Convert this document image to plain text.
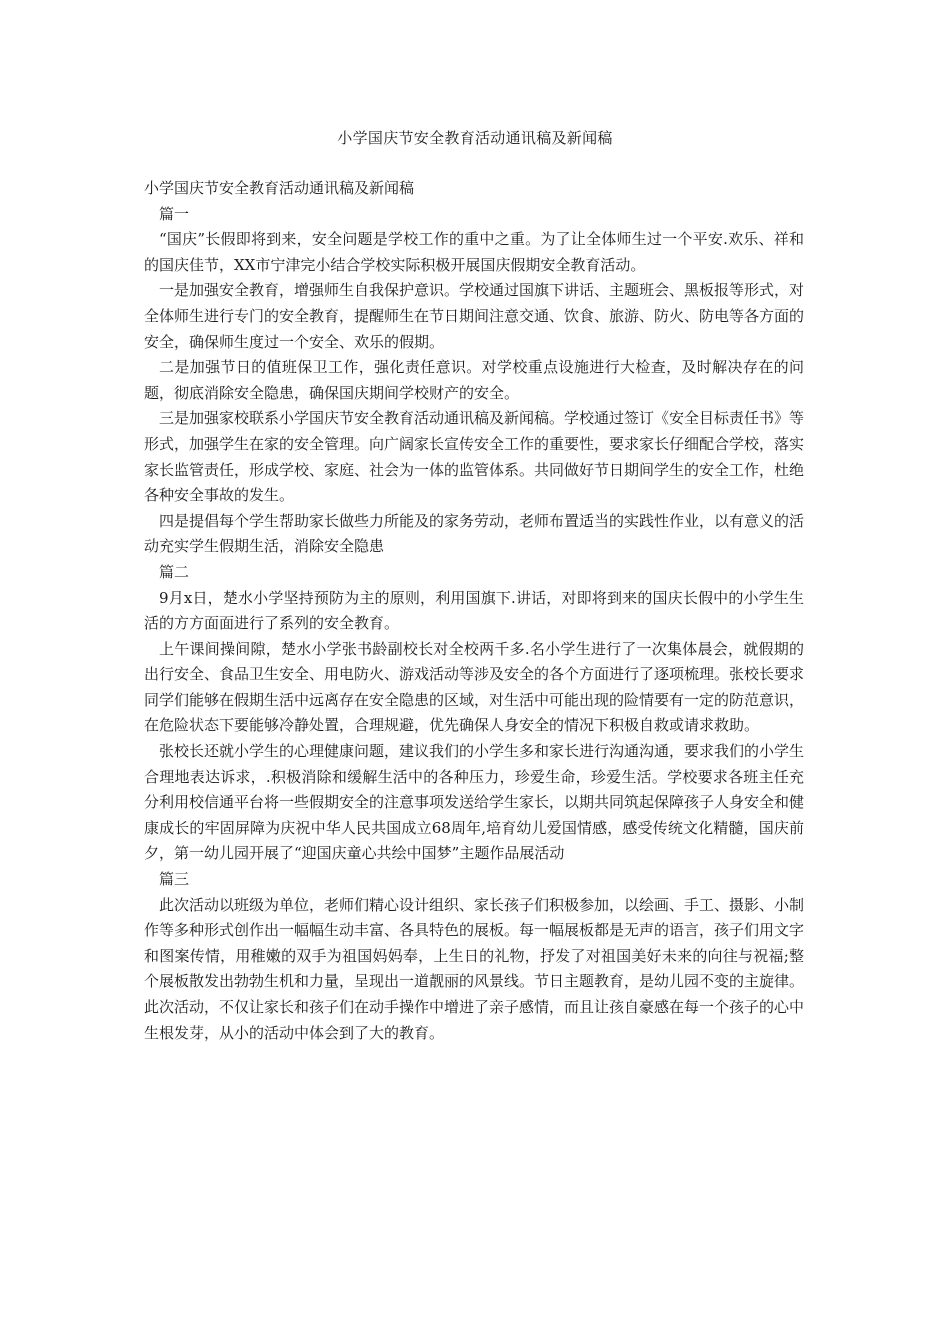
小学国庆节安全教育活动通讯稿及新闻稿

小学国庆节安全教育活动通讯稿及新闻稿

篇一

“国庆”长假即将到来，安全问题是学校工作的重中之重。为了让全体师生过一个平安.欢乐、祥和的国庆佳节，XX市宁津完小结合学校实际积极开展国庆假期安全教育活动。

一是加强安全教育，增强师生自我保护意识。学校通过国旗下讲话、主题班会、黑板报等形式，对全体师生进行专门的安全教育，提醒师生在节日期间注意交通、饮食、旅游、防火、防电等各方面的安全，确保师生度过一个安全、欢乐的假期。

二是加强节日的值班保卫工作，强化责任意识。对学校重点设施进行大检查，及时解决存在的问题，彻底消除安全隐患，确保国庆期间学校财产的安全。

三是加强家校联系小学国庆节安全教育活动通讯稿及新闻稿。学校通过签订《安全目标责任书》等形式，加强学生在家的安全管理。向广阔家长宣传安全工作的重要性，要求家长仔细配合学校，落实家长监管责任，形成学校、家庭、社会为一体的监管体系。共同做好节日期间学生的安全工作，杜绝各种安全事故的发生。

四是提倡每个学生帮助家长做些力所能及的家务劳动，老师布置适当的实践性作业，以有意义的活动充实学生假期生活，消除安全隐患

篇二

9月x日，楚水小学坚持预防为主的原则，利用国旗下.讲话，对即将到来的国庆长假中的小学生生活的方方面面进行了系列的安全教育。

上午课间操间隙，楚水小学张书龄副校长对全校两千多.名小学生进行了一次集体晨会，就假期的出行安全、食品卫生安全、用电防火、游戏活动等涉及安全的各个方面进行了逐项梳理。张校长要求同学们能够在假期生活中远离存在安全隐患的区域，对生活中可能出现的险情要有一定的防范意识，在危险状态下要能够冷静处置，合理规避，优先确保人身安全的情况下积极自救或请求救助。

张校长还就小学生的心理健康问题，建议我们的小学生多和家长进行沟通沟通，要求我们的小学生合理地表达诉求，.积极消除和缓解生活中的各种压力，珍爱生命，珍爱生活。学校要求各班主任充分利用校信通平台将一些假期安全的注意事项发送给学生家长，以期共同筑起保障孩子人身安全和健康成长的牢固屏障为庆祝中华人民共国成立68周年,培育幼儿爱国情感，感受传统文化精髓，国庆前夕，第一幼儿园开展了“迎国庆童心共绘中国梦”主题作品展活动

篇三

此次活动以班级为单位，老师们精心设计组织、家长孩子们积极参加，以绘画、手工、摄影、小制作等多种形式创作出一幅幅生动丰富、各具特色的展板。每一幅展板都是无声的语言，孩子们用文字和图案传情，用稚嫩的双手为祖国妈妈奉，上生日的礼物，抒发了对祖国美好未来的向往与祝福;整个展板散发出勃勃生机和力量，呈现出一道靓丽的风景线。节日主题教育，是幼儿园不变的主旋律。此次活动，不仅让家长和孩子们在动手操作中增进了亲子感情，而且让孩自豪感在每一个孩子的心中生根发芽，从小的活动中体会到了大的教育。
